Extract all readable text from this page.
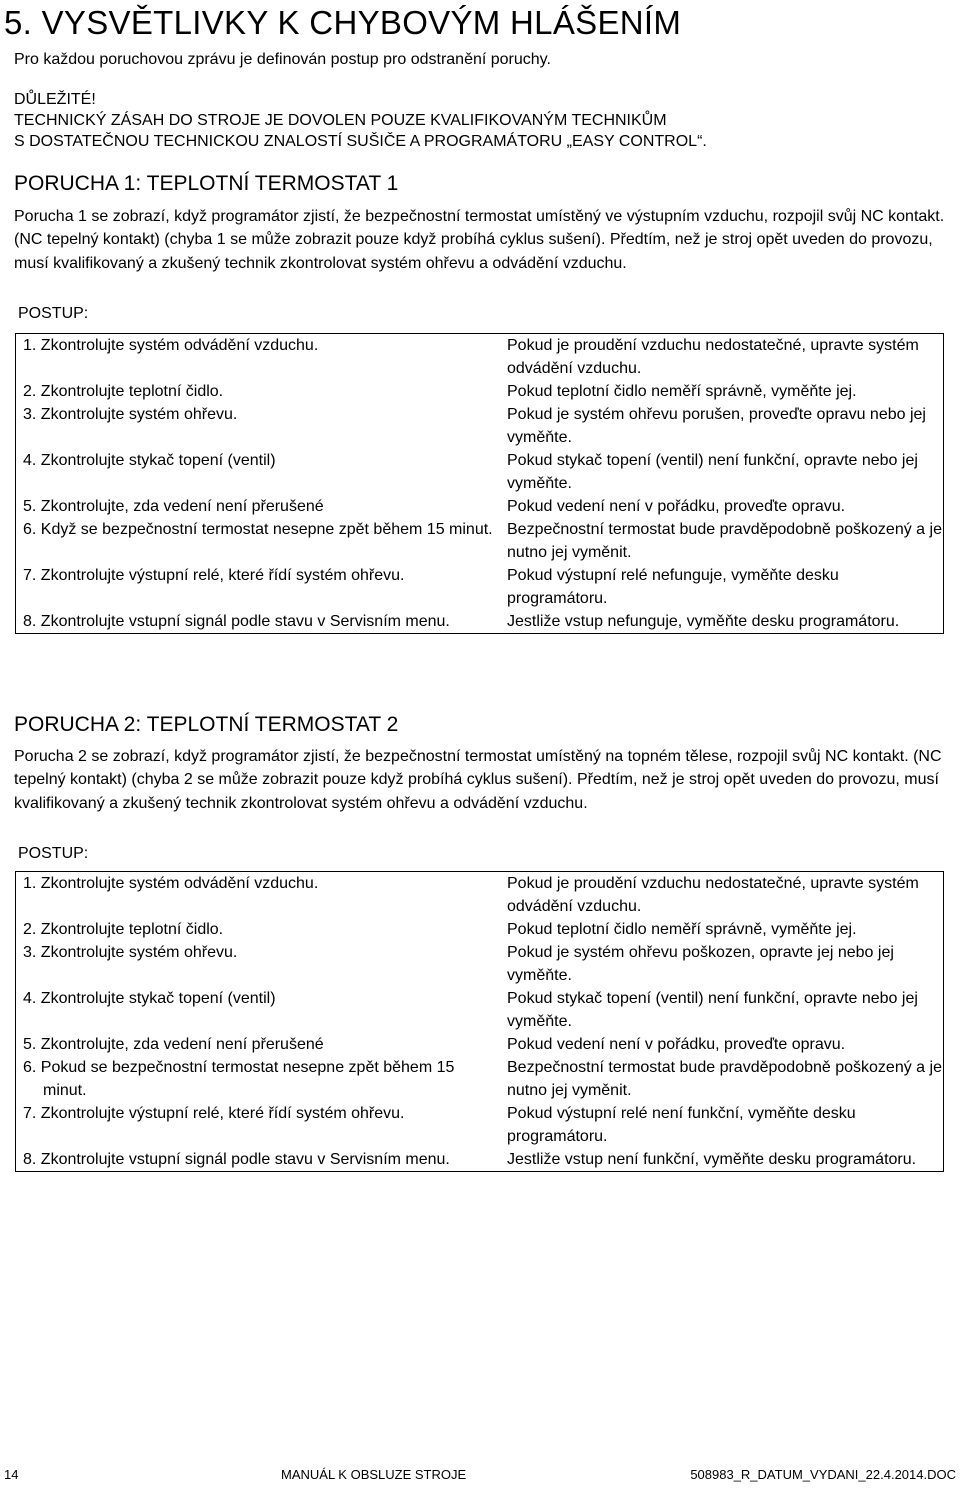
5. VYSVĚTLIVKY K CHYBOVÝM HLÁŠENÍM

Pro každou poruchovou zprávu je definován postup pro odstranění poruchy.

DŮLEŽITÉ!
TECHNICKÝ ZÁSAH DO STROJE JE DOVOLEN POUZE KVALIFIKOVANÝM TECHNIKŮM
S DOSTATEČNOU TECHNICKOU ZNALOSTÍ SUŠIČE A PROGRAMÁTORU „EASY CONTROL“.
PORUCHA 1: TEPLOTNÍ TERMOSTAT 1

Porucha 1 se zobrazí, když programátor zjistí, že bezpečnostní termostat umístěný ve výstupním vzduchu, rozpojil svůj NC kontakt. (NC tepelný kontakt) (chyba 1 se může zobrazit pouze když probíhá cyklus sušení). Předtím, než je stroj opět uveden do provozu, musí kvalifikovaný a zkušený technik zkontrolovat systém ohřevu a odvádění vzduchu.

POSTUP:

1. Zkontrolujte systém odvádění vzduchu.	Pokud je proudění vzduchu nedostatečné, upravte systém odvádění vzduchu.

2. Zkontrolujte teplotní čidlo.	Pokud teplotní čidlo neměří správně, vyměňte jej.

3. Zkontrolujte systém ohřevu.	Pokud je systém ohřevu porušen, proveďte opravu nebo jej vyměňte.

4. Zkontrolujte stykač topení (ventil)	Pokud stykač topení (ventil) není funkční, opravte nebo jej vyměňte.

5. Zkontrolujte, zda vedení není přerušené	Pokud vedení není v pořádku, proveďte opravu.

6. Když se bezpečnostní termostat nesepne zpět během 15 minut.	Bezpečnostní termostat bude pravděpodobně poškozený a je nutno jej vyměnit.

7. Zkontrolujte výstupní relé, které řídí systém ohřevu.	Pokud výstupní relé nefunguje, vyměňte desku programátoru.

8. Zkontrolujte vstupní signál podle stavu v Servisním menu.	Jestliže vstup nefunguje, vyměňte desku programátoru.
PORUCHA 2: TEPLOTNÍ TERMOSTAT 2

Porucha 2 se zobrazí, když programátor zjistí, že bezpečnostní termostat umístěný na topném tělese, rozpojil svůj NC kontakt. (NC tepelný kontakt) (chyba 2 se může zobrazit pouze když probíhá cyklus sušení). Předtím, než je stroj opět uveden do provozu, musí kvalifikovaný a zkušený technik zkontrolovat systém ohřevu a odvádění vzduchu.

POSTUP:

1. Zkontrolujte systém odvádění vzduchu.	Pokud je proudění vzduchu nedostatečné, upravte systém odvádění vzduchu.

2. Zkontrolujte teplotní čidlo.	Pokud teplotní čidlo neměří správně, vyměňte jej.

3. Zkontrolujte systém ohřevu.	Pokud je systém ohřevu poškozen, opravte jej nebo jej vyměňte.

4. Zkontrolujte stykač topení (ventil)	Pokud stykač topení (ventil) není funkční, opravte nebo jej vyměňte.

5. Zkontrolujte, zda vedení není přerušené	Pokud vedení není v pořádku, proveďte opravu.

6. Pokud se bezpečnostní termostat nesepne zpět během 15 minut.	Bezpečnostní termostat bude pravděpodobně poškozený a je nutno jej vyměnit.

7. Zkontrolujte výstupní relé, které řídí systém ohřevu.	Pokud výstupní relé není funkční, vyměňte desku programátoru.

8. Zkontrolujte vstupní signál podle stavu v Servisním menu.	Jestliže vstup není funkční, vyměňte desku programátoru.
14	MANUÁL K OBSLUZE STROJE	508983_R_DATUM_VYDANI_22.4.2014.DOC
